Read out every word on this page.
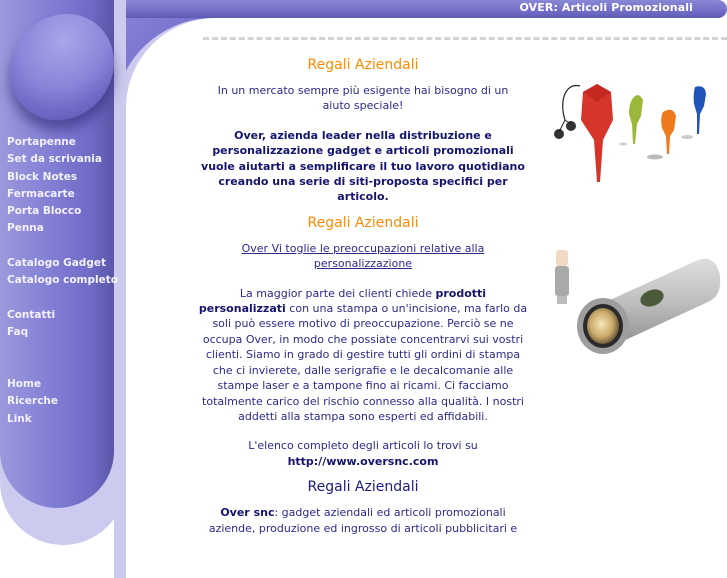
OVER: Articoli Promozionali
Portapenne
Set da scrivania
Block Notes
Fermacarte
Porta Blocco
Penna
Catalogo Gadget
Catalogo completo
Contatti
Faq
Home
Ricerche
Link
Regali Aziendali

In un mercato sempre più esigente hai bisogno di un aiuto speciale!

Over, azienda leader nella distribuzione e personalizzazione gadget e articoli promozionali vuole aiutarti a semplificare il tuo lavoro quotidiano creando una serie di siti-proposta specifici per articolo.

Regali Aziendali

Over Vi toglie le preoccupazioni relative alla personalizzazione

La maggior parte dei clienti chiede prodotti personalizzati con una stampa o un'incisione, ma farlo da soli può essere motivo di preoccupazione. Perciò se ne occupa Over, in modo che possiate concentrarvi sui vostri clienti. Siamo in grado di gestire tutti gli ordini di stampa che ci invierete, dalle serigrafie e le decalcomanie alle stampe laser e a tampone fino ai ricami. Ci facciamo totalmente carico del rischio connesso alla qualità. I nostri addetti alla stampa sono esperti ed affidabili.

L'elenco completo degli articoli lo trovi su

http://www.oversnc.com

Regali Aziendali

Over snc: gadget aziendali ed articoli promozionali aziende, produzione ed ingrosso di articoli pubblicitari e
